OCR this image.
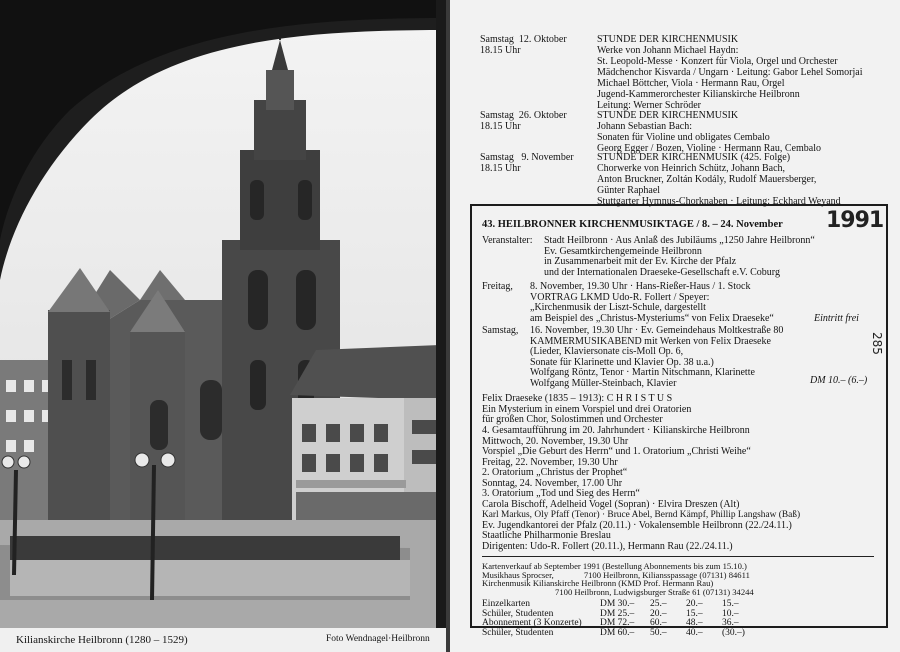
Kilianskirche Heilbronn (1280 – 1529)	Foto Wendnagel·Heilbronn
Samstag  12. Oktober
18.15 Uhr
STUNDE DER KIRCHENMUSIK
Werke von Johann Michael Haydn:
St. Leopold-Messe · Konzert für Viola, Orgel und Orchester
Mädchenchor Kisvarda / Ungarn · Leitung: Gabor Lehel Somorjai
Michael Böttcher, Viola · Hermann Rau, Orgel
Jugend-Kammerorchester Kilianskirche Heilbronn
Leitung: Werner Schröder
Samstag  26. Oktober
18.15 Uhr
STUNDE DER KIRCHENMUSIK
Johann Sebastian Bach:
Sonaten für Violine und obligates Cembalo
Georg Egger / Bozen, Violine · Hermann Rau, Cembalo
Samstag   9. November
18.15 Uhr
STUNDE DER KIRCHENMUSIK (425. Folge)
Chorwerke von Heinrich Schütz, Johann Bach,
Anton Bruckner, Zoltán Kodály, Rudolf Mauersberger,
Günter Raphael
Stuttgarter Hymnus-Chorknaben · Leitung: Eckhard Weyand
43. HEILBRONNER KIRCHENMUSIKTAGE / 8. – 24. November
Veranstalter: Stadt Heilbronn · Aus Anlaß des Jubiläums „1250 Jahre Heilbronn“
Ev. Gesamtkirchengemeinde Heilbronn
in Zusammenarbeit mit der Ev. Kirche der Pfalz
und der Internationalen Draeseke-Gesellschaft e.V. Coburg
Freitag, 8. November, 19.30 Uhr · Hans-Rießer-Haus / 1. Stock
VORTRAG LKMD Udo-R. Follert / Speyer:
„Kirchenmusik der Liszt-Schule, dargestellt
am Beispiel des „Christus-Mysteriums“ von Felix Draeseke“	Eintritt frei
Samstag, 16. November, 19.30 Uhr · Ev. Gemeindehaus Moltkestraße 80
KAMMERMUSIKABEND mit Werken von Felix Draeseke
(Lieder, Klaviersonate cis-Moll Op. 6,
Sonate für Klarinette und Klavier Op. 38 u.a.)
Wolfgang Röntz, Tenor · Martin Nitschmann, Klarinette
Wolfgang Müller-Steinbach, Klavier	DM 10.– (6.–)
Felix Draeseke (1835 – 1913): C H R I S T U S
Ein Mysterium in einem Vorspiel und drei Oratorien
für großen Chor, Solostimmen und Orchester
4. Gesamtaufführung im 20. Jahrhundert · Kilianskirche Heilbronn
Mittwoch, 20. November, 19.30 Uhr
Vorspiel „Die Geburt des Herrn“ und 1. Oratorium „Christi Weihe“
Freitag, 22. November, 19.30 Uhr
2. Oratorium „Christus der Prophet“
Sonntag, 24. November, 17.00 Uhr
3. Oratorium „Tod und Sieg des Herrn“
Carola Bischoff, Adelheid Vogel (Sopran) · Elvira Dreszen (Alt)
Karl Markus, Oly Pfaff (Tenor) · Bruce Abel, Bernd Kämpf, Phillip Langshaw (Baß)
Ev. Jugendkantorei der Pfalz (20.11.) · Vokalensemble Heilbronn (22./24.11.)
Staatliche Philharmonie Breslau
Dirigenten: Udo-R. Follert (20.11.), Hermann Rau (22./24.11.)
Kartenverkauf ab September 1991 (Bestellung Abonnements bis zum 15.10.)
Musikhaus Sprocser,              7100 Heilbronn, Kiliansspassage (07131) 84611
Kirchenmusik Kilianskirche Heilbronn (KMD Prof. Hermann Rau)
7100 Heilbronn, Ludwigsburger Straße 61 (07131) 34244
Einzelkarten	DM 30.–	25.–	20.–	15.–
Schüler, Studenten	DM 25.–	20.–	15.–	10.–
Abonnement (3 Konzerte)	DM 72.–	60.–	48.–	36.–
Schüler, Studenten	DM 60.–	50.–	40.–	(30.–)
1991
285
